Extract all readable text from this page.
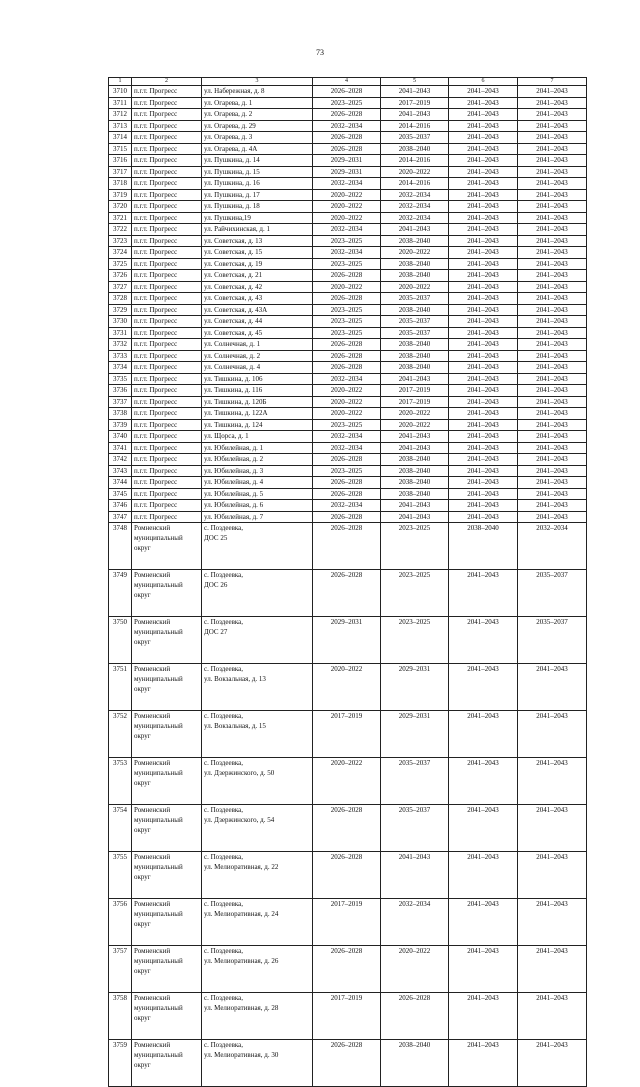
73
1	2	3	4	5	6	7
3710	п.г.т. Прогресс	ул. Набережная, д. 8	2026–2028	2041–2043	2041–2043	2041–2043
3711	п.г.т. Прогресс	ул. Огарева, д. 1	2023–2025	2017–2019	2041–2043	2041–2043
3712	п.г.т. Прогресс	ул. Огарева, д. 2	2026–2028	2041–2043	2041–2043	2041–2043
3713	п.г.т. Прогресс	ул. Огарева, д. 29	2032–2034	2014–2016	2041–2043	2041–2043
3714	п.г.т. Прогресс	ул. Огарева, д. 3	2026–2028	2035–2037	2041–2043	2041–2043
3715	п.г.т. Прогресс	ул. Огарева, д. 4А	2026–2028	2038–2040	2041–2043	2041–2043
3716	п.г.т. Прогресс	ул. Пушкина, д. 14	2029–2031	2014–2016	2041–2043	2041–2043
3717	п.г.т. Прогресс	ул. Пушкина, д. 15	2029–2031	2020–2022	2041–2043	2041–2043
3718	п.г.т. Прогресс	ул. Пушкина, д. 16	2032–2034	2014–2016	2041–2043	2041–2043
3719	п.г.т. Прогресс	ул. Пушкина, д. 17	2020–2022	2032–2034	2041–2043	2041–2043
3720	п.г.т. Прогресс	ул. Пушкина, д. 18	2020–2022	2032–2034	2041–2043	2041–2043
3721	п.г.т. Прогресс	ул. Пушкина,19	2020–2022	2032–2034	2041–2043	2041–2043
3722	п.г.т. Прогресс	ул. Райчихинская, д. 1	2032–2034	2041–2043	2041–2043	2041–2043
3723	п.г.т. Прогресс	ул. Советская, д. 13	2023–2025	2038–2040	2041–2043	2041–2043
3724	п.г.т. Прогресс	ул. Советская, д. 15	2032–2034	2020–2022	2041–2043	2041–2043
3725	п.г.т. Прогресс	ул. Советская, д. 19	2023–2025	2038–2040	2041–2043	2041–2043
3726	п.г.т. Прогресс	ул. Советская, д. 21	2026–2028	2038–2040	2041–2043	2041–2043
3727	п.г.т. Прогресс	ул. Советская, д. 42	2020–2022	2020–2022	2041–2043	2041–2043
3728	п.г.т. Прогресс	ул. Советская, д. 43	2026–2028	2035–2037	2041–2043	2041–2043
3729	п.г.т. Прогресс	ул. Советская, д. 43А	2023–2025	2038–2040	2041–2043	2041–2043
3730	п.г.т. Прогресс	ул. Советская, д. 44	2023–2025	2035–2037	2041–2043	2041–2043
3731	п.г.т. Прогресс	ул. Советская, д. 45	2023–2025	2035–2037	2041–2043	2041–2043
3732	п.г.т. Прогресс	ул. Солнечная, д. 1	2026–2028	2038–2040	2041–2043	2041–2043
3733	п.г.т. Прогресс	ул. Солнечная, д. 2	2026–2028	2038–2040	2041–2043	2041–2043
3734	п.г.т. Прогресс	ул. Солнечная, д. 4	2026–2028	2038–2040	2041–2043	2041–2043
3735	п.г.т. Прогресс	ул. Тишкина, д. 106	2032–2034	2041–2043	2041–2043	2041–2043
3736	п.г.т. Прогресс	ул. Тишкина, д. 116	2020–2022	2017–2019	2041–2043	2041–2043
3737	п.г.т. Прогресс	ул. Тишкина, д. 120Б	2020–2022	2017–2019	2041–2043	2041–2043
3738	п.г.т. Прогресс	ул. Тишкина, д. 122А	2020–2022	2020–2022	2041–2043	2041–2043
3739	п.г.т. Прогресс	ул. Тишкина, д. 124	2023–2025	2020–2022	2041–2043	2041–2043
3740	п.г.т. Прогресс	ул. Щорса, д. 1	2032–2034	2041–2043	2041–2043	2041–2043
3741	п.г.т. Прогресс	ул. Юбилейная, д. 1	2032–2034	2041–2043	2041–2043	2041–2043
3742	п.г.т. Прогресс	ул. Юбилейная, д. 2	2026–2028	2038–2040	2041–2043	2041–2043
3743	п.г.т. Прогресс	ул. Юбилейная, д. 3	2023–2025	2038–2040	2041–2043	2041–2043
3744	п.г.т. Прогресс	ул. Юбилейная, д. 4	2026–2028	2038–2040	2041–2043	2041–2043
3745	п.г.т. Прогресс	ул. Юбилейная, д. 5	2026–2028	2038–2040	2041–2043	2041–2043
3746	п.г.т. Прогресс	ул. Юбилейная, д. 6	2032–2034	2041–2043	2041–2043	2041–2043
3747	п.г.т. Прогресс	ул. Юбилейная, д. 7	2026–2028	2041–2043	2041–2043	2041–2043
3748	Ромненский
муниципальный
округ	с. Поздеевка,
ДОС 25	2026–2028	2023–2025	2038–2040	2032–2034
3749	Ромненский
муниципальный
округ	с. Поздеевка,
ДОС 26	2026–2028	2023–2025	2041–2043	2035–2037
3750	Ромненский
муниципальный
округ	с. Поздеевка,
ДОС 27	2029–2031	2023–2025	2041–2043	2035–2037
3751	Ромненский
муниципальный
округ	с. Поздеевка,
ул. Вокзальная, д. 13	2020–2022	2029–2031	2041–2043	2041–2043
3752	Ромненский
муниципальный
округ	с. Поздеевка,
ул. Вокзальная, д. 15	2017–2019	2029–2031	2041–2043	2041–2043
3753	Ромненский
муниципальный
округ	с. Поздеевка,
ул. Дзержинского, д. 50	2020–2022	2035–2037	2041–2043	2041–2043
3754	Ромненский
муниципальный
округ	с. Поздеевка,
ул. Дзержинского, д. 54	2026–2028	2035–2037	2041–2043	2041–2043
3755	Ромненский
муниципальный
округ	с. Поздеевка,
ул. Мелиоративная, д. 22	2026–2028	2041–2043	2041–2043	2041–2043
3756	Ромненский
муниципальный
округ	с. Поздеевка,
ул. Мелиоративная, д. 24	2017–2019	2032–2034	2041–2043	2041–2043
3757	Ромненский
муниципальный
округ	с. Поздеевка,
ул. Мелиоративная, д. 26	2026–2028	2020–2022	2041–2043	2041–2043
3758	Ромненский
муниципальный
округ	с. Поздеевка,
ул. Мелиоративная, д. 28	2017–2019	2026–2028	2041–2043	2041–2043
3759	Ромненский
муниципальный
округ	с. Поздеевка,
ул. Мелиоративная, д. 30	2026–2028	2038–2040	2041–2043	2041–2043
